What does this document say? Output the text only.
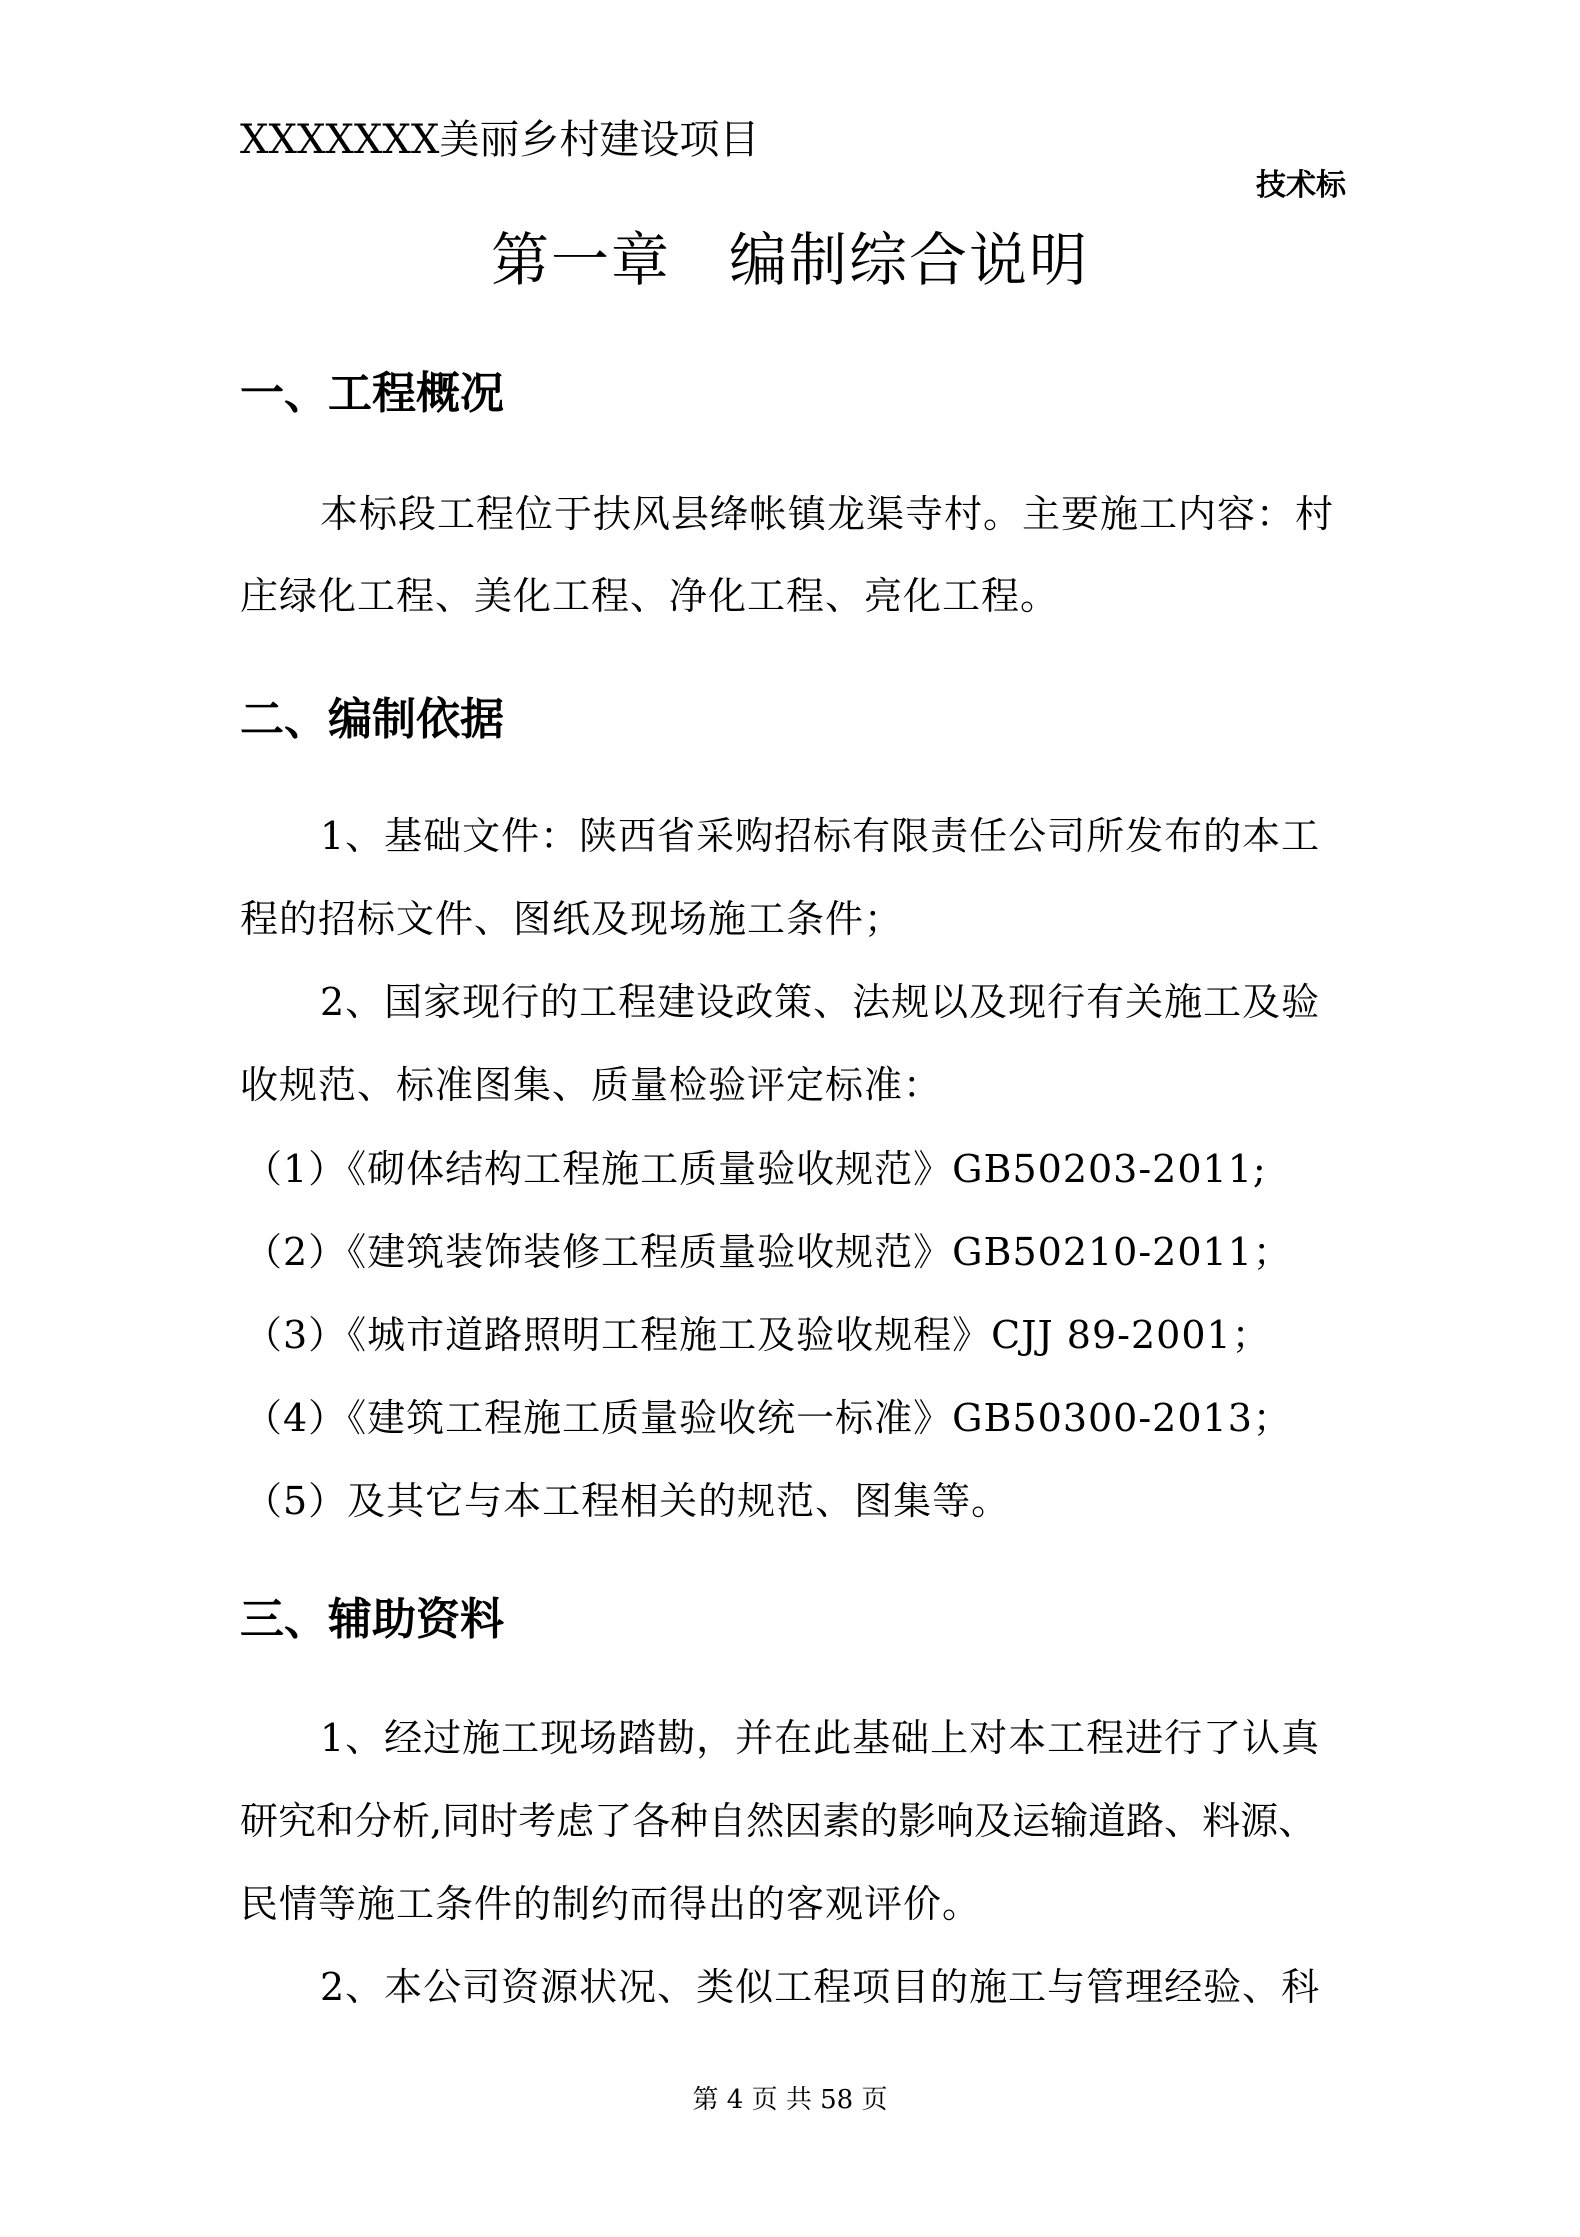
XXXXXXX美丽乡村建设项目
技术标
第一章 编制综合说明
一、工程概况
本标段工程位于扶风县绛帐镇龙渠寺村。主要施工内容：村
庄绿化工程、美化工程、净化工程、亮化工程。
二、编制依据
1、基础文件：陕西省采购招标有限责任公司所发布的本工
程的招标文件、图纸及现场施工条件；
2、国家现行的工程建设政策、法规以及现行有关施工及验
收规范、标准图集、质量检验评定标准：
（1）《砌体结构工程施工质量验收规范》GB50203-2011;
（2）《建筑装饰装修工程质量验收规范》GB50210-2011；
（3）《城市道路照明工程施工及验收规程》CJJ 89-2001；
（4）《建筑工程施工质量验收统一标准》GB50300-2013；
（5）及其它与本工程相关的规范、图集等。
三、辅助资料
1、经过施工现场踏勘，并在此基础上对本工程进行了认真
研究和分析,同时考虑了各种自然因素的影响及运输道路、料源、
民情等施工条件的制约而得出的客观评价。
2、本公司资源状况、类似工程项目的施工与管理经验、科
第 4 页 共 58 页
